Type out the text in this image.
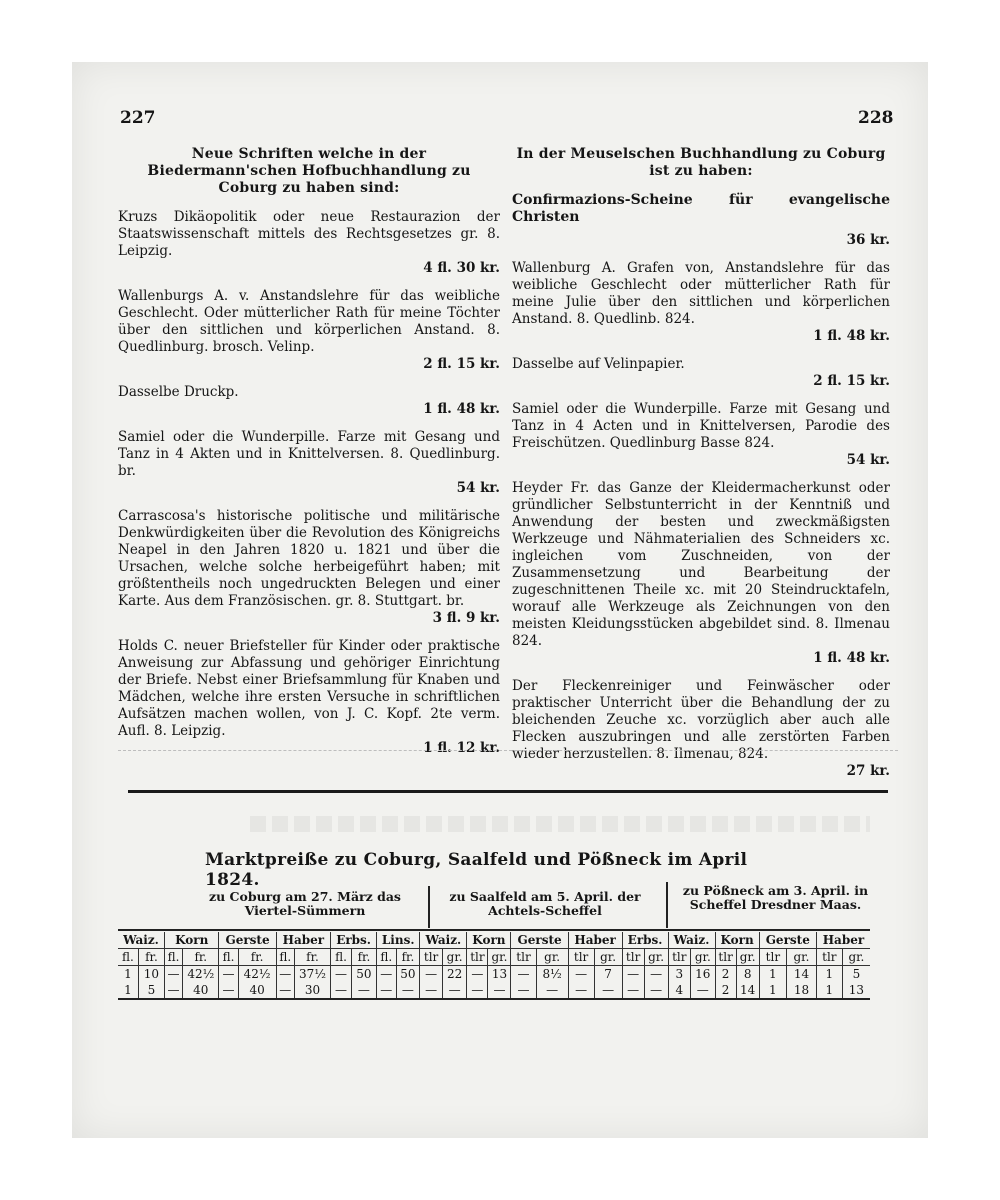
227	228
Neue Schriften welche in der Biedermann'schen Hofbuchhandlung zu Coburg zu haben sind:
Kruzs Dikäopolitik oder neue Restaurazion der Staatswissenschaft mittels des Rechtsgesetzes gr. 8. Leipzig.
4 fl. 30 kr.
Wallenburgs A. v. Anstandslehre für das weibliche Geschlecht. Oder mütterlicher Rath für meine Töchter über den sittlichen und körperlichen Anstand. 8. Quedlinburg. brosch. Velinp.
2 fl. 15 kr.
Dasselbe Druckp.
1 fl. 48 kr.
Samiel oder die Wunderpille. Farze mit Gesang und Tanz in 4 Akten und in Knittelversen. 8. Quedlinburg. br.
54 kr.
Carrascosa's historische politische und militärische Denkwürdigkeiten über die Revolution des Königreichs Neapel in den Jahren 1820 u. 1821 und über die Ursachen, welche solche herbeigeführt haben; mit größtentheils noch ungedruckten Belegen und einer Karte. Aus dem Französischen. gr. 8. Stuttgart. br.
3 fl. 9 kr.
Holds C. neuer Briefsteller für Kinder oder praktische Anweisung zur Abfassung und gehöriger Einrichtung der Briefe. Nebst einer Briefsammlung für Knaben und Mädchen, welche ihre ersten Versuche in schriftlichen Aufsätzen machen wollen, von J. C. Kopf. 2te verm. Aufl. 8. Leipzig.
1 fl. 12 kr.
In der Meuselschen Buchhandlung zu Coburg ist zu haben:
Confirmazions-Scheine für evangelische Christen
36 kr.
Wallenburg A. Grafen von, Anstandslehre für das weibliche Geschlecht oder mütterlicher Rath für meine Julie über den sittlichen und körperlichen Anstand. 8. Quedlinb. 824.
1 fl. 48 kr.
Dasselbe auf Velinpapier.
2 fl. 15 kr.
Samiel oder die Wunderpille. Farze mit Gesang und Tanz in 4 Acten und in Knittelversen, Parodie des Freischützen. Quedlinburg Basse 824.
54 kr.
Heyder Fr. das Ganze der Kleidermacherkunst oder gründlicher Selbstunterricht in der Kenntniß und Anwendung der besten und zweckmäßigsten Werkzeuge und Nähmaterialien des Schneiders xc. ingleichen vom Zuschneiden, von der Zusammensetzung und Bearbeitung der zugeschnittenen Theile xc. mit 20 Steindrucktafeln, worauf alle Werkzeuge als Zeichnungen von den meisten Kleidungsstücken abgebildet sind. 8. Ilmenau 824.
1 fl. 48 kr.
Der Fleckenreiniger und Feinwäscher oder praktischer Unterricht über die Behandlung der zu bleichenden Zeuche xc. vorzüglich aber auch alle Flecken auszubringen und alle zerstörten Farben wieder herzustellen. 8. Ilmenau, 824.
27 kr.
Marktpreiße zu Coburg, Saalfeld und Pößneck im April 1824.
zu Coburg am 27. März das Viertel-Sümmern
zu Saalfeld am 5. April. der Achtels-Scheffel
zu Pößneck am 3. April. in Scheffel Dresdner Maas.
Waiz.		Korn		Gerste		Haber		Erbs.		Lins.		Waiz.		Korn		Gerste		Haber		Erbs.		Waiz.		Korn		Gerste		Haber	
fl.	fr.	fl.	fr.	fl.	fr.	fl.	fr.	fl.	fr.	fl.	fr.	tlr	gr.	tlr	gr.	tlr	gr.	tlr	gr.	tlr	gr.	tlr	gr.	tlr	gr.	tlr	gr.	tlr	gr.
1	10	—	42½	—	42½	—	37½	—	50	—	50	—	22	—	13	—	8½	—	7	—	—	3	16	2	8	1	14	1	5
1	5	—	40	—	40	—	30	—	—	—	—	—	—	—	—	—	—	—	—	—	—	4	—	2	14	1	18	1	13
